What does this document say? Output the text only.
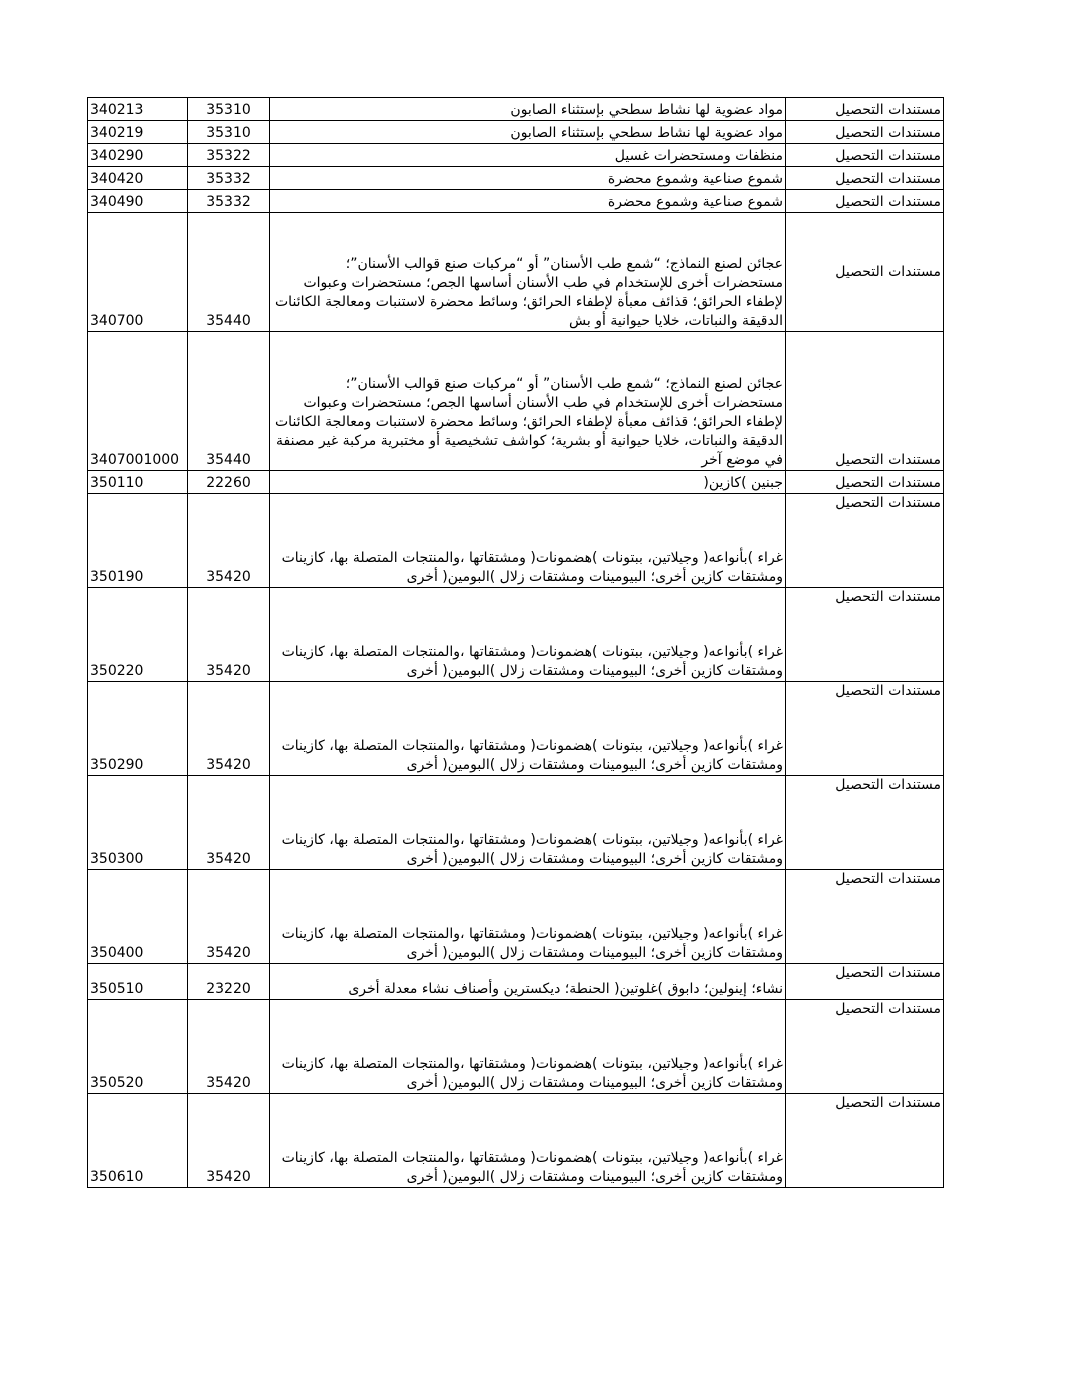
340213	35310	مواد عضوية لها نشاط سطحي بإستثناء الصابون	مستندات التحصيل
340219	35310	مواد عضوية لها نشاط سطحي بإستثناء الصابون	مستندات التحصيل
340290	35322	منظفات ومستحضرات غسيل	مستندات التحصيل
340420	35332	شموع صناعية وشموع محضرة	مستندات التحصيل
340490	35332	شموع صناعية وشموع محضرة	مستندات التحصيل
340700	35440	عجائن لصنع النماذج؛ “شمع طب الأسنان” أو “مركبات صنع قوالب الأسنان”؛ مستحضرات أخرى للإستخدام في طب الأسنان أساسها الجص؛ مستحضرات وعبوات لإطفاء الحرائق؛ قذائف معبأة لإطفاء الحرائق؛ وسائط محضرة لاستنبات ومعالجة الكائنات الدقيقة والنباتات، خلايا حيوانية أو بش	مستندات التحصيل
3407001000	35440	عجائن لصنع النماذج؛ “شمع طب الأسنان” أو “مركبات صنع قوالب الأسنان”؛ مستحضرات أخرى للإستخدام في طب الأسنان أساسها الجص؛ مستحضرات وعبوات لإطفاء الحرائق؛ قذائف معبأة لإطفاء الحرائق؛ وسائط محضرة لاستنبات ومعالجة الكائنات الدقيقة والنباتات، خلايا حيوانية أو بشرية؛ كواشف تشخيصية أو مختبرية مركبة غير مصنفة في موضع آخر	مستندات التحصيل
350110	22260	جبنين )كازين(	مستندات التحصيل
350190	35420	غراء )بأنواعه( وجيلاتين، ببتونات )هضمونات( ومشتقاتها ،والمنتجات المتصلة بها، كازينات ومشتقات كازين أخرى؛ البيومينات ومشتقات زلال )البومين( أخرى	مستندات التحصيل
350220	35420	غراء )بأنواعه( وجيلاتين، ببتونات )هضمونات( ومشتقاتها ،والمنتجات المتصلة بها، كازينات ومشتقات كازين أخرى؛ البيومينات ومشتقات زلال )البومين( أخرى	مستندات التحصيل
350290	35420	غراء )بأنواعه( وجيلاتين، ببتونات )هضمونات( ومشتقاتها ،والمنتجات المتصلة بها، كازينات ومشتقات كازين أخرى؛ البيومينات ومشتقات زلال )البومين( أخرى	مستندات التحصيل
350300	35420	غراء )بأنواعه( وجيلاتين، ببتونات )هضمونات( ومشتقاتها ،والمنتجات المتصلة بها، كازينات ومشتقات كازين أخرى؛ البيومينات ومشتقات زلال )البومين( أخرى	مستندات التحصيل
350400	35420	غراء )بأنواعه( وجيلاتين، ببتونات )هضمونات( ومشتقاتها ،والمنتجات المتصلة بها، كازينات ومشتقات كازين أخرى؛ البيومينات ومشتقات زلال )البومين( أخرى	مستندات التحصيل
350510	23220	نشاء؛ إينولين؛ دابوق )غلوتين( الحنطة؛ ديكسترين وأصناف نشاء معدلة أخرى	مستندات التحصيل
350520	35420	غراء )بأنواعه( وجيلاتين، ببتونات )هضمونات( ومشتقاتها ،والمنتجات المتصلة بها، كازينات ومشتقات كازين أخرى؛ البيومينات ومشتقات زلال )البومين( أخرى	مستندات التحصيل
350610	35420	غراء )بأنواعه( وجيلاتين، ببتونات )هضمونات( ومشتقاتها ،والمنتجات المتصلة بها، كازينات ومشتقات كازين أخرى؛ البيومينات ومشتقات زلال )البومين( أخرى	مستندات التحصيل
